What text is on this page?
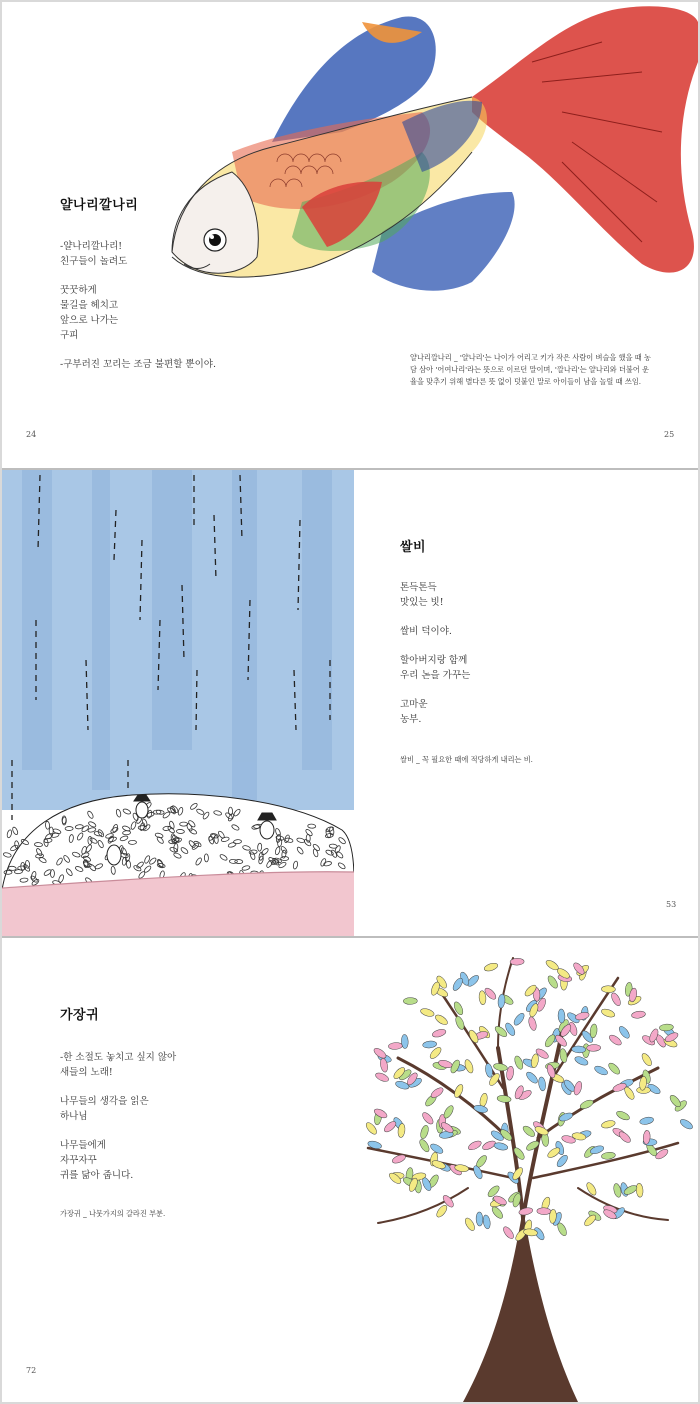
얄나리깔나리
-얄나리깔나리!
친구들이 놀려도
꿋꿋하게
물길을 헤치고
앞으로 나가는
구피
-구부러진 꼬리는 조금 불편할 뿐이야.
얄나리깔나리 _ '얄나리'는 나이가 어리고 키가 작은 사람이 벼슬을 했을 때 농
담 삼아 '어여나리'라는 뜻으로 이르던 말이며, '깔나리'는 얄나리와 더불어 운
율을 맞추기 위해 별다른 뜻 없이 덧붙인 말로 아이들이 남을 놀릴 때 쓰임.
24	25
쌀비
톤득톤득
맛있는 빗!
쌀비 덕이야.
할아버지랑 함께
우리 논을 가꾸는
고마운
농부.
쌀비 _ 꼭 필요한 때에 적당하게 내리는 비.
53
가장귀
-한 소절도 놓치고 싶지 않아
새들의 노래!
나무들의 생각을 읽은
하나님
나무들에게
자꾸자꾸
귀를 닮아 줍니다.
가장귀 _ 나뭇가지의 갈라진 부분.
72
